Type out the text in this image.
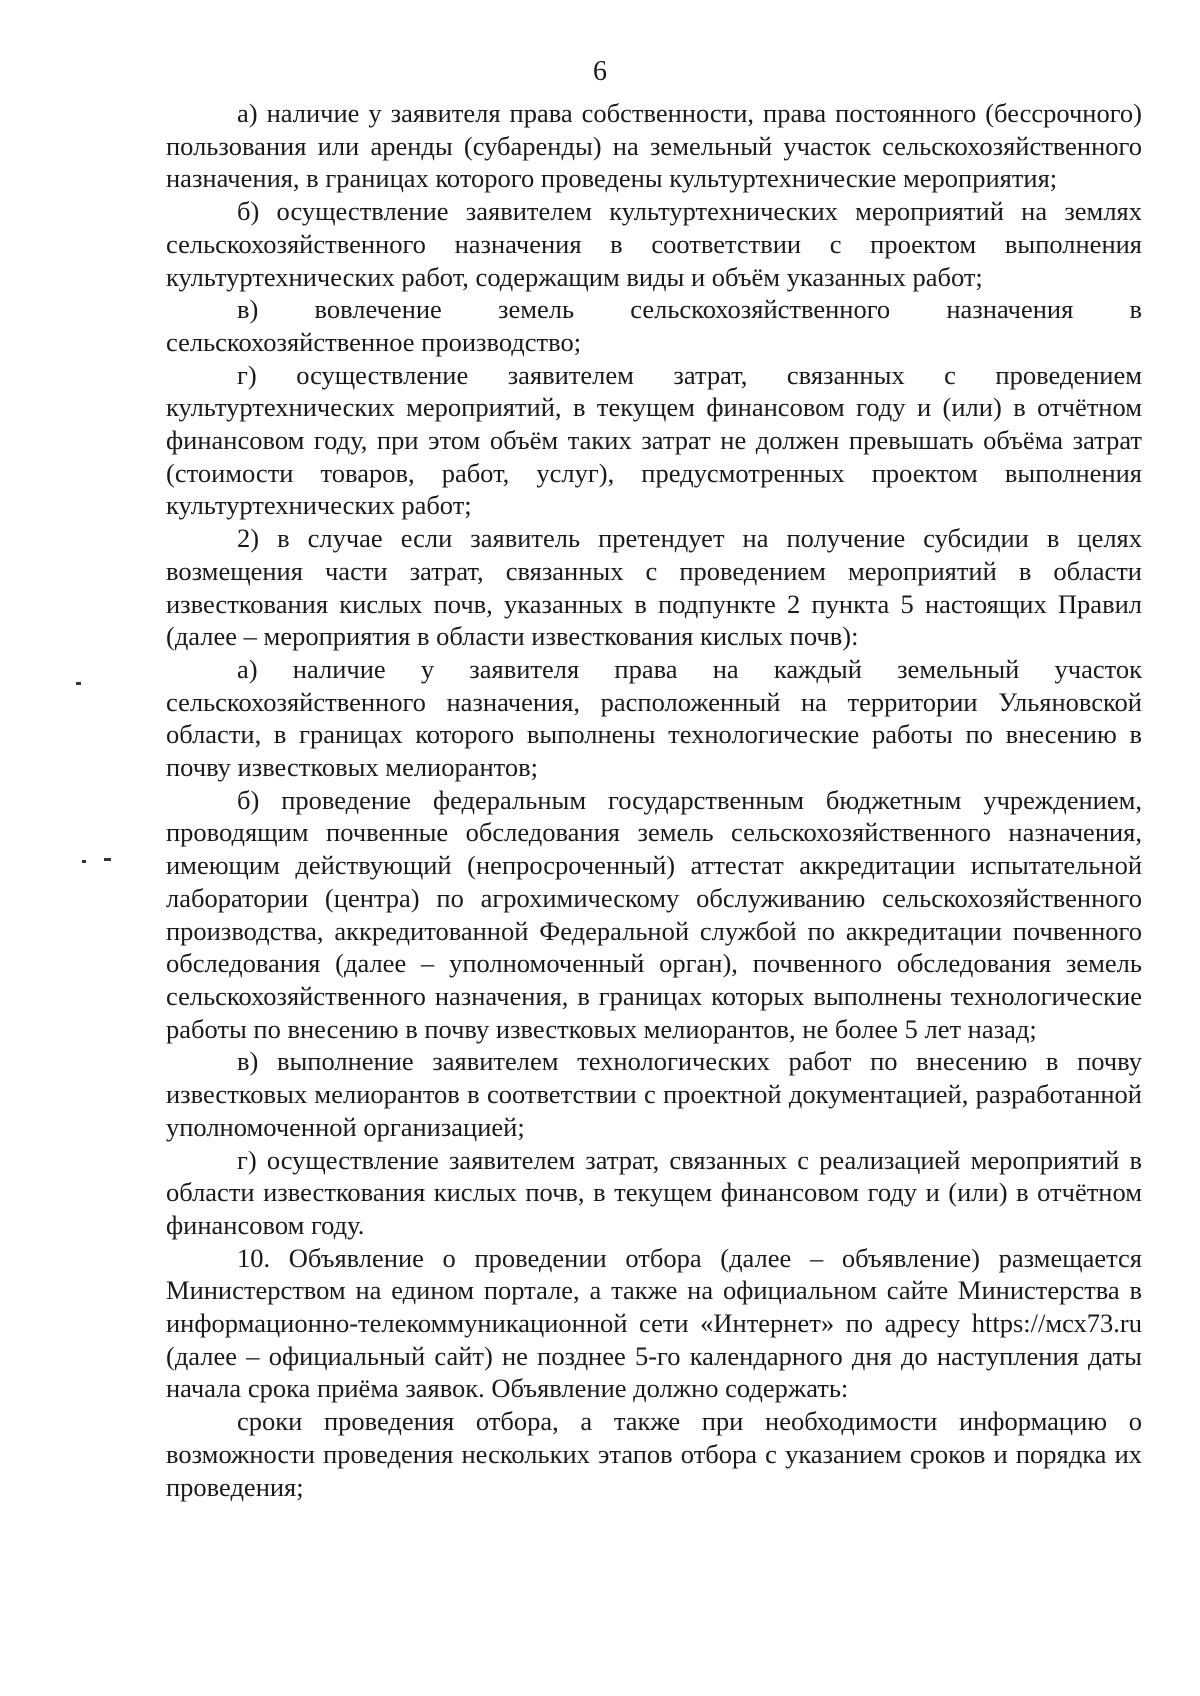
6

а) наличие у заявителя права собственности, права постоянного (бессрочного) пользования или аренды (субаренды) на земельный участок сельскохозяйственного назначения, в границах которого проведены культуртехнические мероприятия;

б) осуществление заявителем культуртехнических мероприятий на землях сельскохозяйственного назначения в соответствии с проектом выполнения культуртехнических работ, содержащим виды и объём указанных работ;

в) вовлечение земель сельскохозяйственного назначения в сельскохозяйственное производство;

г) осуществление заявителем затрат, связанных с проведением культуртехнических мероприятий, в текущем финансовом году и (или) в отчётном финансовом году, при этом объём таких затрат не должен превышать объёма затрат (стоимости товаров, работ, услуг), предусмотренных проектом выполнения культуртехнических работ;

2) в случае если заявитель претендует на получение субсидии в целях возмещения части затрат, связанных с проведением мероприятий в области известкования кислых почв, указанных в подпункте 2 пункта 5 настоящих Правил (далее – мероприятия в области известкования кислых почв):

а) наличие у заявителя права на каждый земельный участок сельскохозяйственного назначения, расположенный на территории Ульяновской области, в границах которого выполнены технологические работы по внесению в почву известковых мелиорантов;

б) проведение федеральным государственным бюджетным учреждением, проводящим почвенные обследования земель сельскохозяйственного назначения, имеющим действующий (непросроченный) аттестат аккредитации испытательной лаборатории (центра) по агрохимическому обслуживанию сельскохозяйственного производства, аккредитованной Федеральной службой по аккредитации почвенного обследования (далее – уполномоченный орган), почвенного обследования земель сельскохозяйственного назначения, в границах которых выполнены технологические работы по внесению в почву известковых мелиорантов, не более 5 лет назад;

в) выполнение заявителем технологических работ по внесению в почву известковых мелиорантов в соответствии с проектной документацией, разработанной уполномоченной организацией;

г) осуществление заявителем затрат, связанных с реализацией мероприятий в области известкования кислых почв, в текущем финансовом году и (или) в отчётном финансовом году.

10. Объявление о проведении отбора (далее – объявление) размещается Министерством на едином портале, а также на официальном сайте Министерства в информационно-телекоммуникационной сети «Интернет» по адресу https://мсх73.ru (далее – официальный сайт) не позднее 5-го календарного дня до наступления даты начала срока приёма заявок. Объявление должно содержать:

сроки проведения отбора, а также при необходимости информацию о возможности проведения нескольких этапов отбора с указанием сроков и порядка их проведения;
